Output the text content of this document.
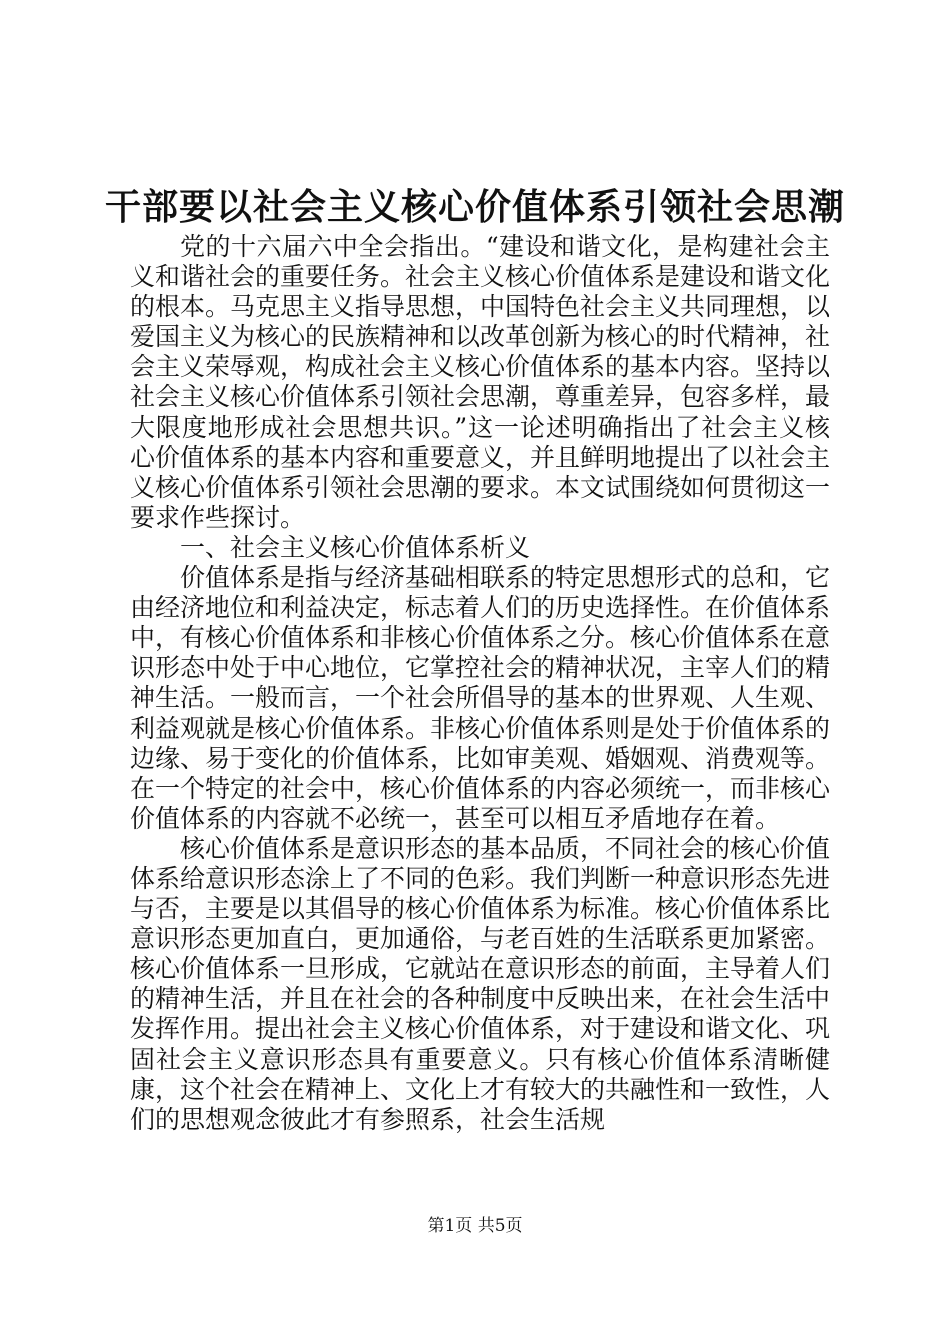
干部要以社会主义核心价值体系引领社会思潮

党的十六届六中全会指出。“建设和谐文化，是构建社会主义和谐社会的重要任务。社会主义核心价值体系是建设和谐文化的根本。马克思主义指导思想，中国特色社会主义共同理想，以爱国主义为核心的民族精神和以改革创新为核心的时代精神，社会主义荣辱观，构成社会主义核心价值体系的基本内容。坚持以社会主义核心价值体系引领社会思潮，尊重差异，包容多样，最大限度地形成社会思想共识。”这一论述明确指出了社会主义核心价值体系的基本内容和重要意义，并且鲜明地提出了以社会主义核心价值体系引领社会思潮的要求。本文试围绕如何贯彻这一要求作些探讨。

一、社会主义核心价值体系析义

价值体系是指与经济基础相联系的特定思想形式的总和，它由经济地位和利益决定，标志着人们的历史选择性。在价值体系中，有核心价值体系和非核心价值体系之分。核心价值体系在意识形态中处于中心地位，它掌控社会的精神状况，主宰人们的精神生活。一般而言，一个社会所倡导的基本的世界观、人生观、利益观就是核心价值体系。非核心价值体系则是处于价值体系的边缘、易于变化的价值体系，比如审美观、婚姻观、消费观等。在一个特定的社会中，核心价值体系的内容必须统一，而非核心价值体系的内容就不必统一，甚至可以相互矛盾地存在着。

核心价值体系是意识形态的基本品质，不同社会的核心价值体系给意识形态涂上了不同的色彩。我们判断一种意识形态先进与否，主要是以其倡导的核心价值体系为标准。核心价值体系比意识形态更加直白，更加通俗，与老百姓的生活联系更加紧密。核心价值体系一旦形成，它就站在意识形态的前面，主导着人们的精神生活，并且在社会的各种制度中反映出来，在社会生活中发挥作用。提出社会主义核心价值体系，对于建设和谐文化、巩固社会主义意识形态具有重要意义。只有核心价值体系清晰健康，这个社会在精神上、文化上才有较大的共融性和一致性，人们的思想观念彼此才有参照系，社会生活规

第1页 共5页
